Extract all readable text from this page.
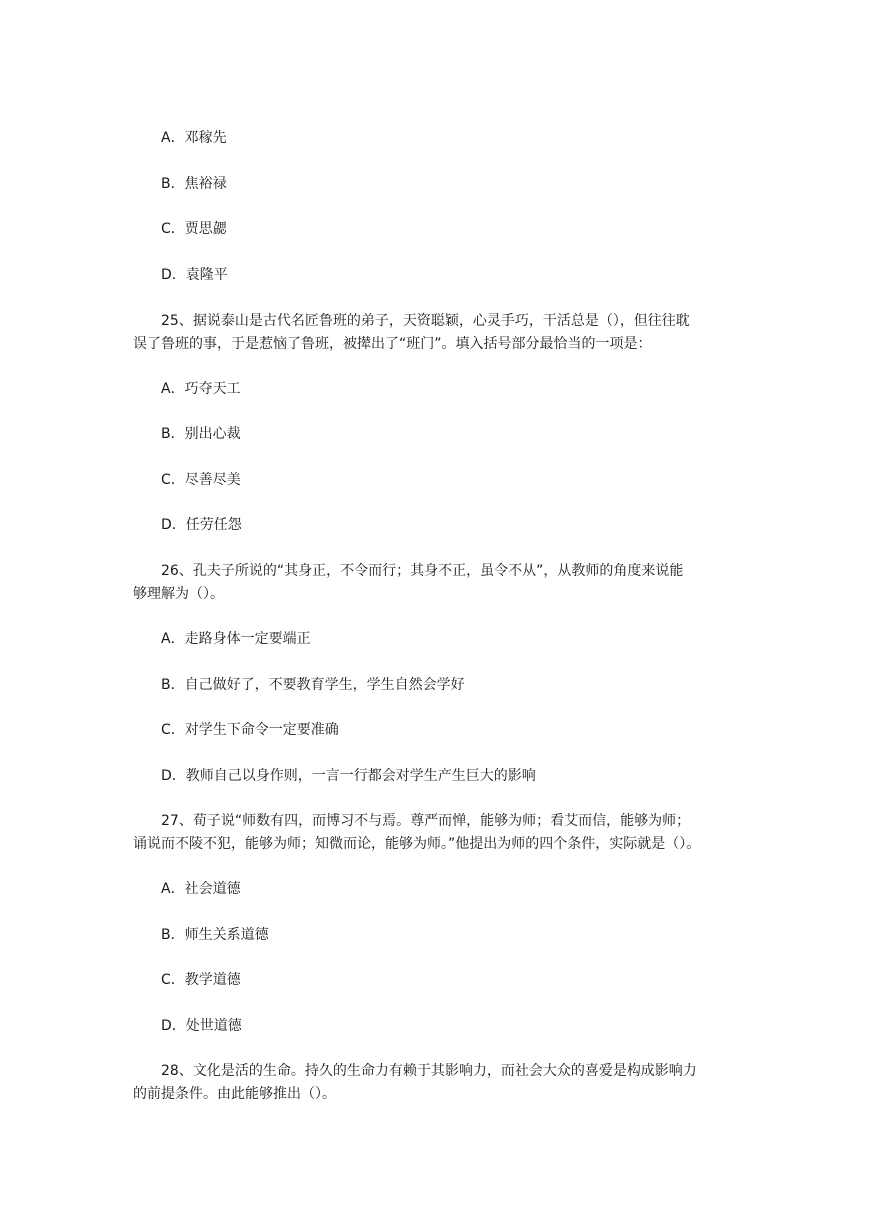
A．邓稼先
B．焦裕禄
C．贾思勰
D．袁隆平
25、据说泰山是古代名匠鲁班的弟子，天资聪颖，心灵手巧，干活总是（），但往往耽
误了鲁班的事，于是惹恼了鲁班，被撵出了“班门”。填入括号部分最恰当的一项是：
A．巧夺天工
B．别出心裁
C．尽善尽美
D．任劳任怨
26、孔夫子所说的“其身正，不令而行；其身不正，虽令不从”，从教师的角度来说能
够理解为（）。
A．走路身体一定要端正
B．自己做好了，不要教育学生，学生自然会学好
C．对学生下命令一定要准确
D．教师自己以身作则，一言一行都会对学生产生巨大的影响
27、荀子说“师数有四，而博习不与焉。尊严而惮，能够为师；看艾而信，能够为师；
诵说而不陵不犯，能够为师；知微而论，能够为师。”他提出为师的四个条件，实际就是（）。
A．社会道德
B．师生关系道德
C．教学道德
D．处世道德
28、文化是活的生命。持久的生命力有赖于其影响力，而社会大众的喜爱是构成影响力
的前提条件。由此能够推出（）。
